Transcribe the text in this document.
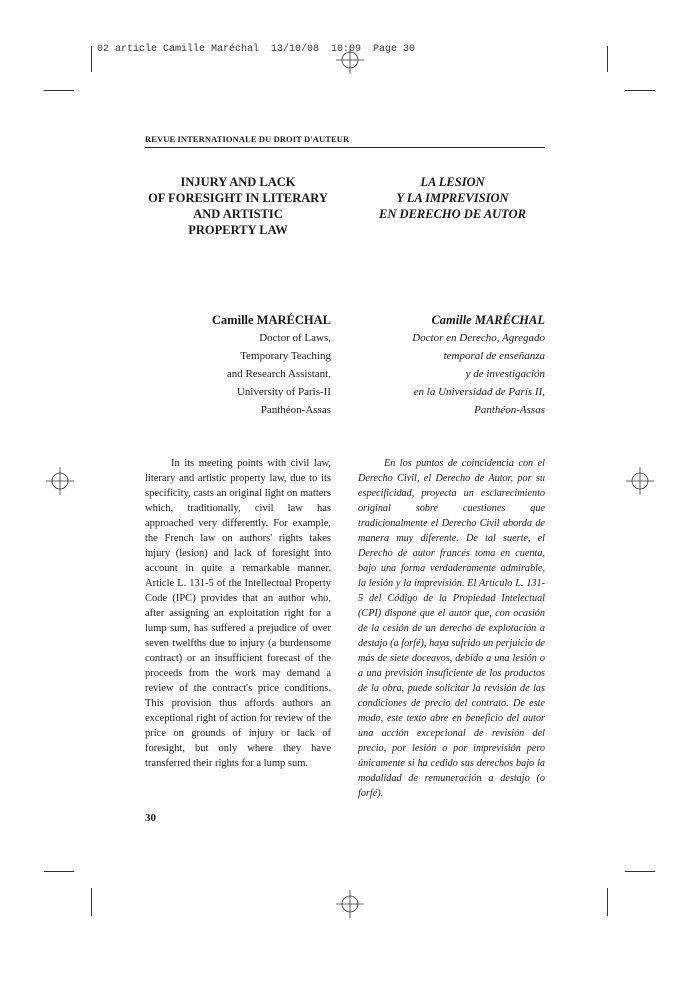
02 article Camille Maréchal  13/10/08  10:09  Page 30
REVUE INTERNATIONALE DU DROIT D'AUTEUR
INJURY AND LACK
OF FORESIGHT IN LITERARY
AND ARTISTIC
PROPERTY LAW
LA LESION
Y LA IMPREVISION
EN DERECHO DE AUTOR
Camille MARÉCHAL
Doctor of Laws,
Temporary Teaching
and Research Assistant,
University of Paris-II
Panthéon-Assas
Camille MARÉCHAL
Doctor en Derecho, Agregado
temporal de enseñanza
y de investigación
en la Universidad de París II,
Panthéon-Assas

In its meeting points with civil law, literary and artistic property law, due to its specificity, casts an original light on matters which, traditionally, civil law has approached very differently. For example, the French law on authors' rights takes injury (lesion) and lack of foresight into account in quite a remarkable manner. Article L. 131-5 of the Intellectual Property Code (IPC) provides that an author who, after assigning an exploitation right for a lump sum, has suffered a prejudice of over seven twelfths due to injury (a burdensome contract) or an insufficient forecast of the proceeds from the work may demand a review of the contract's price conditions. This provision thus affords authors an exceptional right of action for review of the price on grounds of injury or lack of foresight, but only where they have transferred their rights for a lump sum.

En los puntos de coincidencia con el Derecho Civil, el Derecho de Autor, por su especificidad, proyecta un esclarecimiento original sobre cuestiones que tradicionalmente el Derecho Civil aborda de manera muy diferente. De tal suerte, el Derecho de autor francés toma en cuenta, bajo una forma verdaderamente admirable, la lesión y la imprevisión. El Artículo L. 131-5 del Código de la Propiedad Intelectual (CPI) dispone que el autor que, con ocasión de la cesión de un derecho de explotación a destajo (a forfé), haya sufrido un perjuicio de más de siete doceavos, debido a una lesión o a una previsión insuficiente de los productos de la obra, puede solicitar la revisión de las condiciones de precio del contrato. De este modo, este texto abre en beneficio del autor una acción excepcional de revisión del precio, por lesión o por imprevisión pero únicamente si ha cedido sus derechos bajo la modalidad de remuneración a destajo (o forfé).

30
